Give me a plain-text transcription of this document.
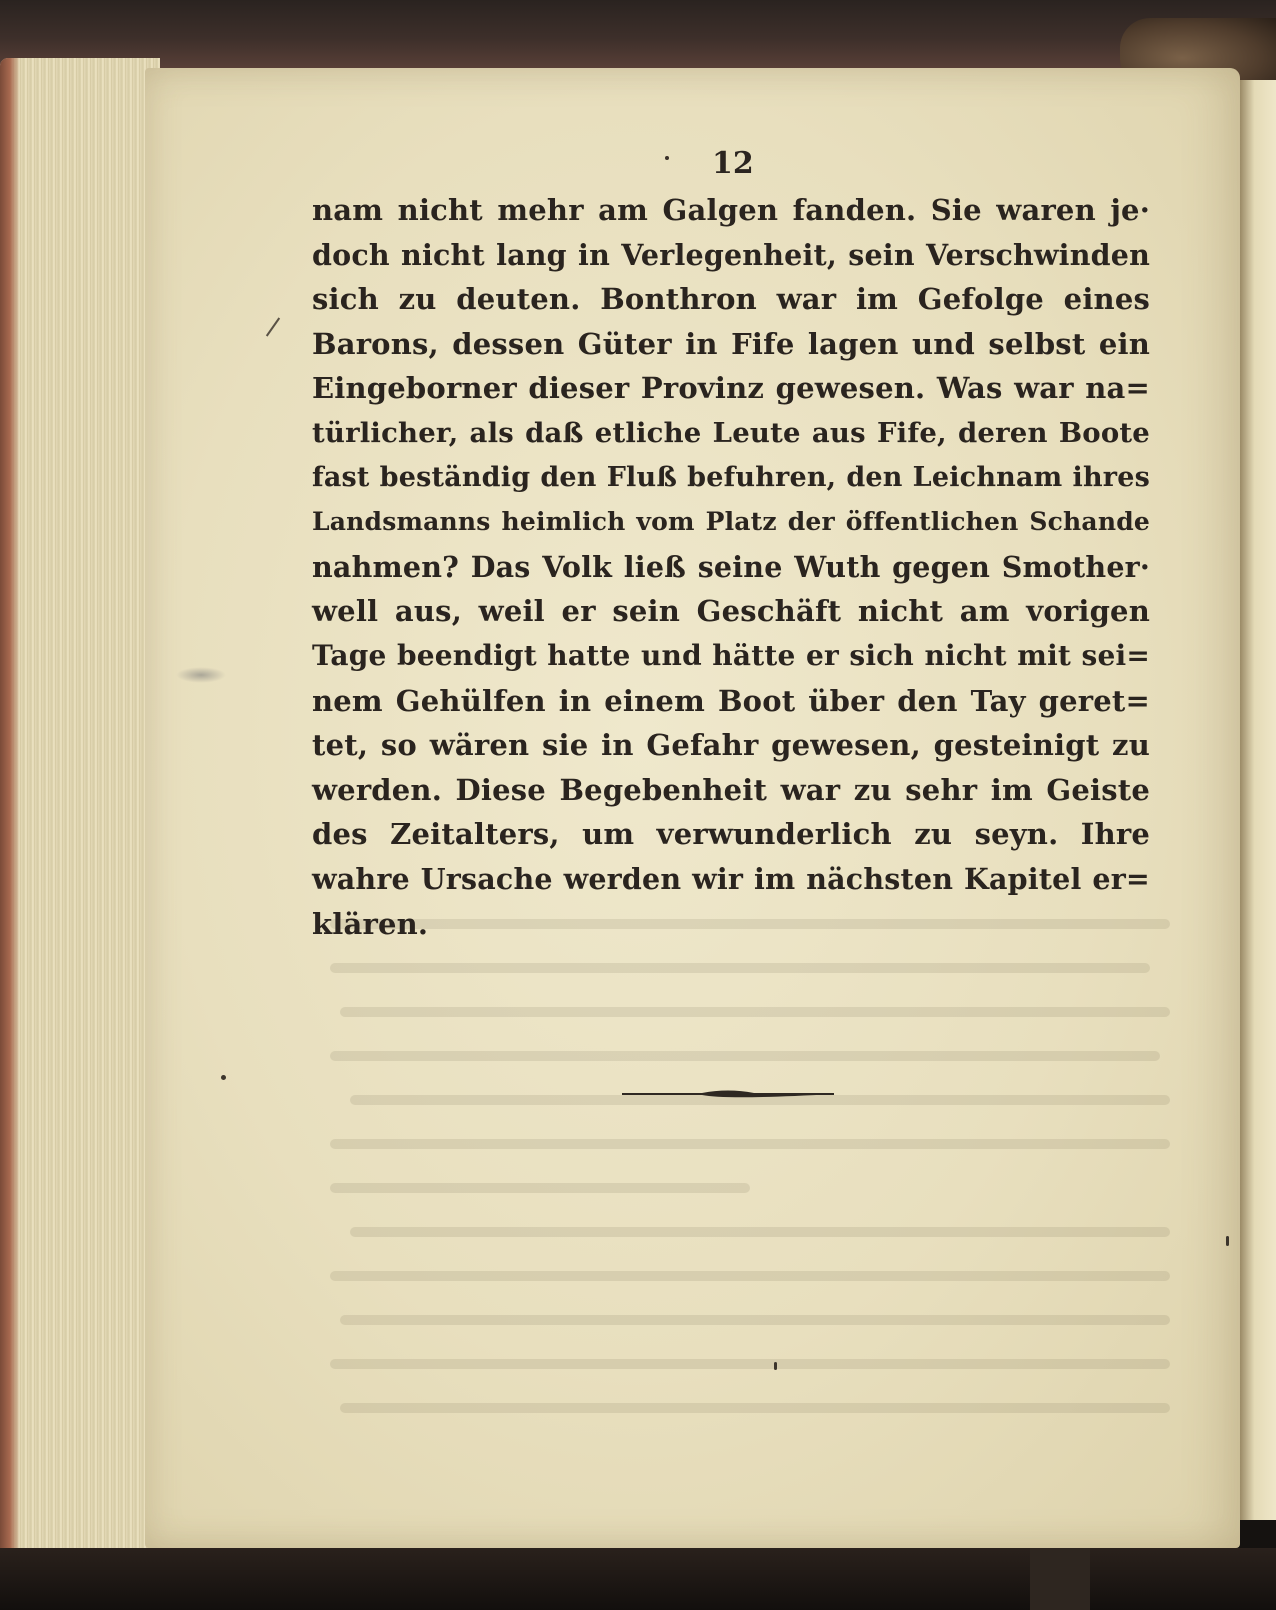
12
nam nicht mehr am Galgen fanden. Sie waren je·
doch nicht lang in Verlegenheit, sein Verschwinden
sich zu deuten. Bonthron war im Gefolge eines
Barons, dessen Güter in Fife lagen und selbst ein
Eingeborner dieser Provinz gewesen. Was war na=
türlicher, als daß etliche Leute aus Fife, deren Boote
fast beständig den Fluß befuhren, den Leichnam ihres
Landsmanns heimlich vom Platz der öffentlichen Schande
nahmen? Das Volk ließ seine Wuth gegen Smother·
well aus, weil er sein Geschäft nicht am vorigen
Tage beendigt hatte und hätte er sich nicht mit sei=
nem Gehülfen in einem Boot über den Tay geret=
tet, so wären sie in Gefahr gewesen, gesteinigt zu
werden. Diese Begebenheit war zu sehr im Geiste
des Zeitalters, um verwunderlich zu seyn. Ihre
wahre Ursache werden wir im nächsten Kapitel er=
klären.
